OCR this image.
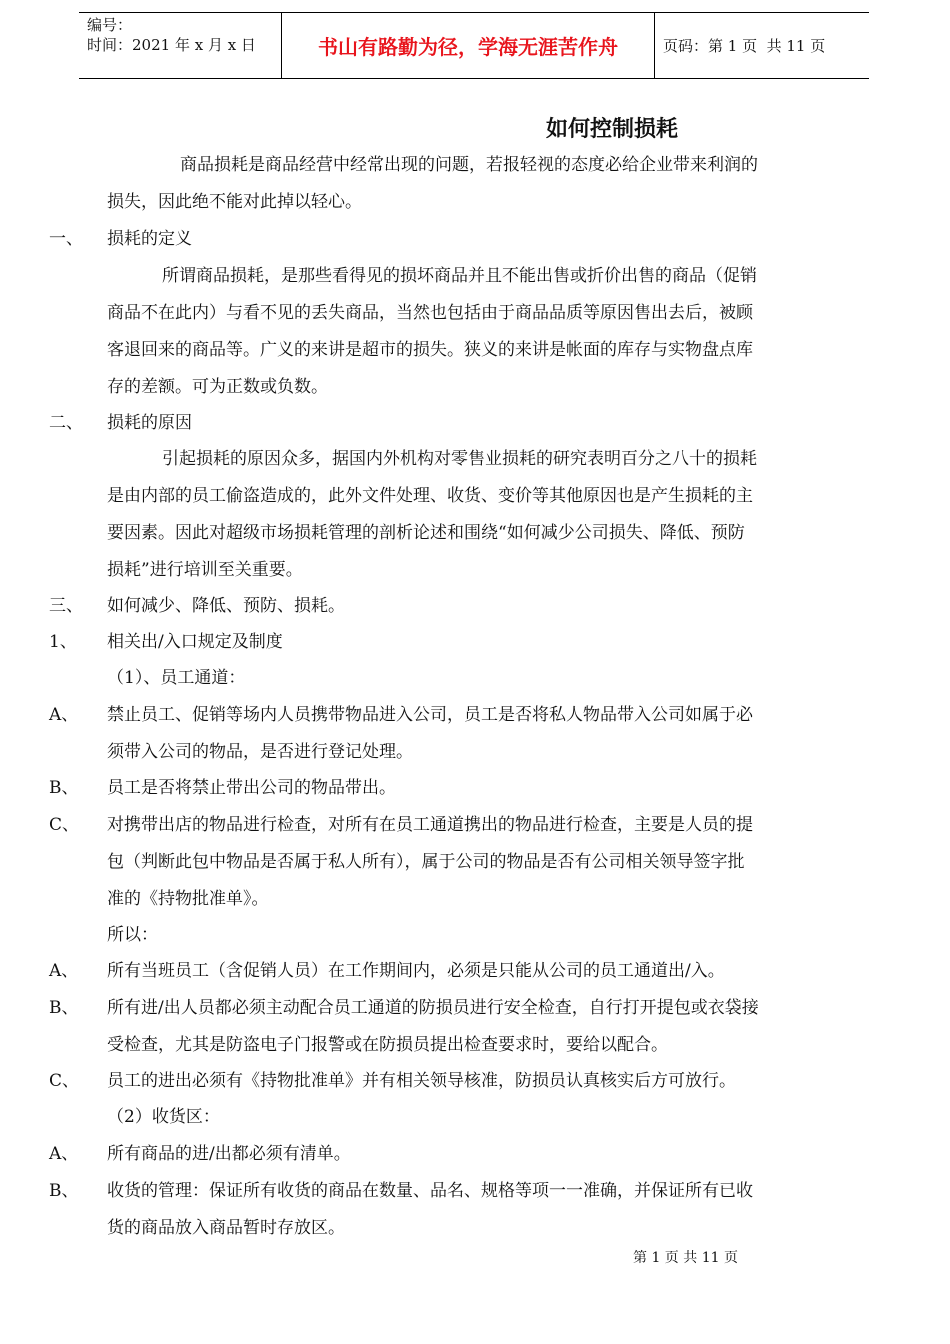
编号：
时间：2021 年 x 月 x 日	书山有路勤为径，学海无涯苦作舟	页码：第 1 页  共 11 页
如何控制损耗
商品损耗是商品经营中经常出现的问题，若报轻视的态度必给企业带来利润的
损失，因此绝不能对此掉以轻心。
一、 损耗的定义
所谓商品损耗，是那些看得见的损坏商品并且不能出售或折价出售的商品（促销
商品不在此内）与看不见的丢失商品，当然也包括由于商品品质等原因售出去后，被顾
客退回来的商品等。广义的来讲是超市的损失。狭义的来讲是帐面的库存与实物盘点库
存的差额。可为正数或负数。
二、 损耗的原因
引起损耗的原因众多，据国内外机构对零售业损耗的研究表明百分之八十的损耗
是由内部的员工偷盗造成的，此外文件处理、收货、变价等其他原因也是产生损耗的主
要因素。因此对超级市场损耗管理的剖析论述和围绕“如何减少公司损失、降低、预防
损耗”进行培训至关重要。
三、 如何减少、降低、预防、损耗。
1、 相关出/入口规定及制度
（1）、员工通道：
A、 禁止员工、促销等场内人员携带物品进入公司，员工是否将私人物品带入公司如属于必
须带入公司的物品，是否进行登记处理。
B、 员工是否将禁止带出公司的物品带出。
C、 对携带出店的物品进行检查，对所有在员工通道携出的物品进行检查，主要是人员的提
包（判断此包中物品是否属于私人所有），属于公司的物品是否有公司相关领导签字批
准的《持物批准单》。
所以：
A、 所有当班员工（含促销人员）在工作期间内，必须是只能从公司的员工通道出/入。
B、 所有进/出人员都必须主动配合员工通道的防损员进行安全检查，自行打开提包或衣袋接
受检查，尤其是防盗电子门报警或在防损员提出检查要求时，要给以配合。
C、 员工的进出必须有《持物批准单》并有相关领导核准，防损员认真核实后方可放行。
（2）收货区：
A、 所有商品的进/出都必须有清单。
B、 收货的管理：保证所有收货的商品在数量、品名、规格等项一一准确，并保证所有已收
货的商品放入商品暂时存放区。
第 1 页 共 11 页
